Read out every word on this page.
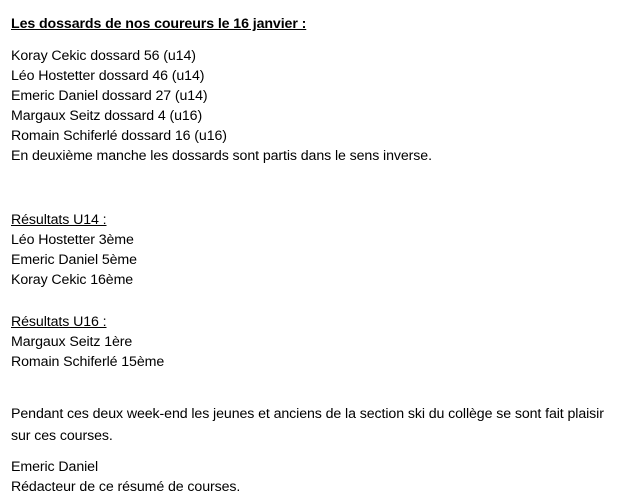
Les dossards de nos coureurs le 16 janvier :
Koray Cekic dossard 56 (u14)
Léo Hostetter dossard 46 (u14)
Emeric Daniel dossard 27 (u14)
Margaux Seitz dossard 4 (u16)
Romain Schiferlé dossard 16 (u16)
En deuxième manche les dossards sont partis dans le sens inverse.
Résultats U14 :
Léo Hostetter 3ème
Emeric Daniel 5ème
Koray Cekic 16ème
Résultats U16 :
Margaux Seitz 1ère
Romain Schiferlé 15ème
Pendant ces deux week-end les jeunes et anciens de la section ski du collège se sont fait plaisir sur ces courses.
Emeric Daniel
Rédacteur de ce résumé de courses.
